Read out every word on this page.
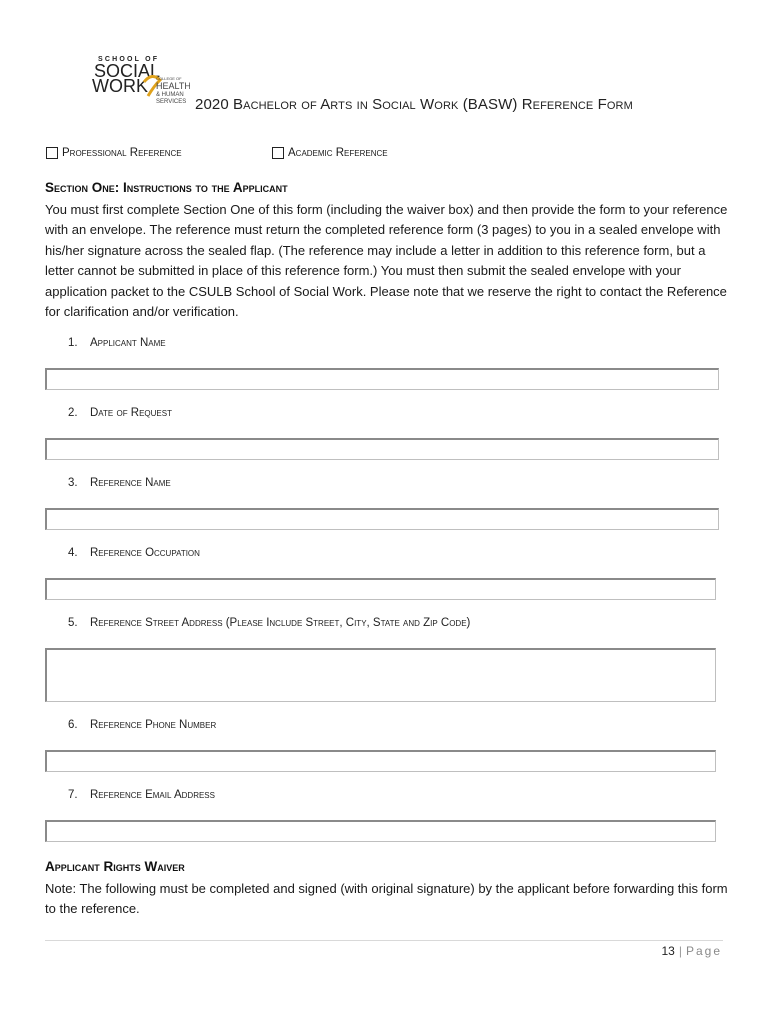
SCHOOL OF
SOCIAL
WORK COLLEGE OF
HEALTH
& HUMAN
SERVICES 2020 Bachelor of Arts in Social Work (BASW) Reference Form
Professional Reference	Academic Reference
Section One: Instructions to the Applicant
You must first complete Section One of this form (including the waiver box) and then provide the form to your reference with an envelope. The reference must return the completed reference form (3 pages) to you in a sealed envelope with his/her signature across the sealed flap. (The reference may include a letter in addition to this reference form, but a letter cannot be submitted in place of this reference form.) You must then submit the sealed envelope with your application packet to the CSULB School of Social Work. Please note that we reserve the right to contact the Reference for clarification and/or verification.
1. Applicant Name
2. Date of Request
3. Reference Name
4. Reference Occupation
5. Reference Street Address (Please Include Street, City, State and Zip Code)
6. Reference Phone Number
7. Reference Email Address
Applicant Rights Waiver
Note: The following must be completed and signed (with original signature) by the applicant before forwarding this form to the reference.
13 | Page
